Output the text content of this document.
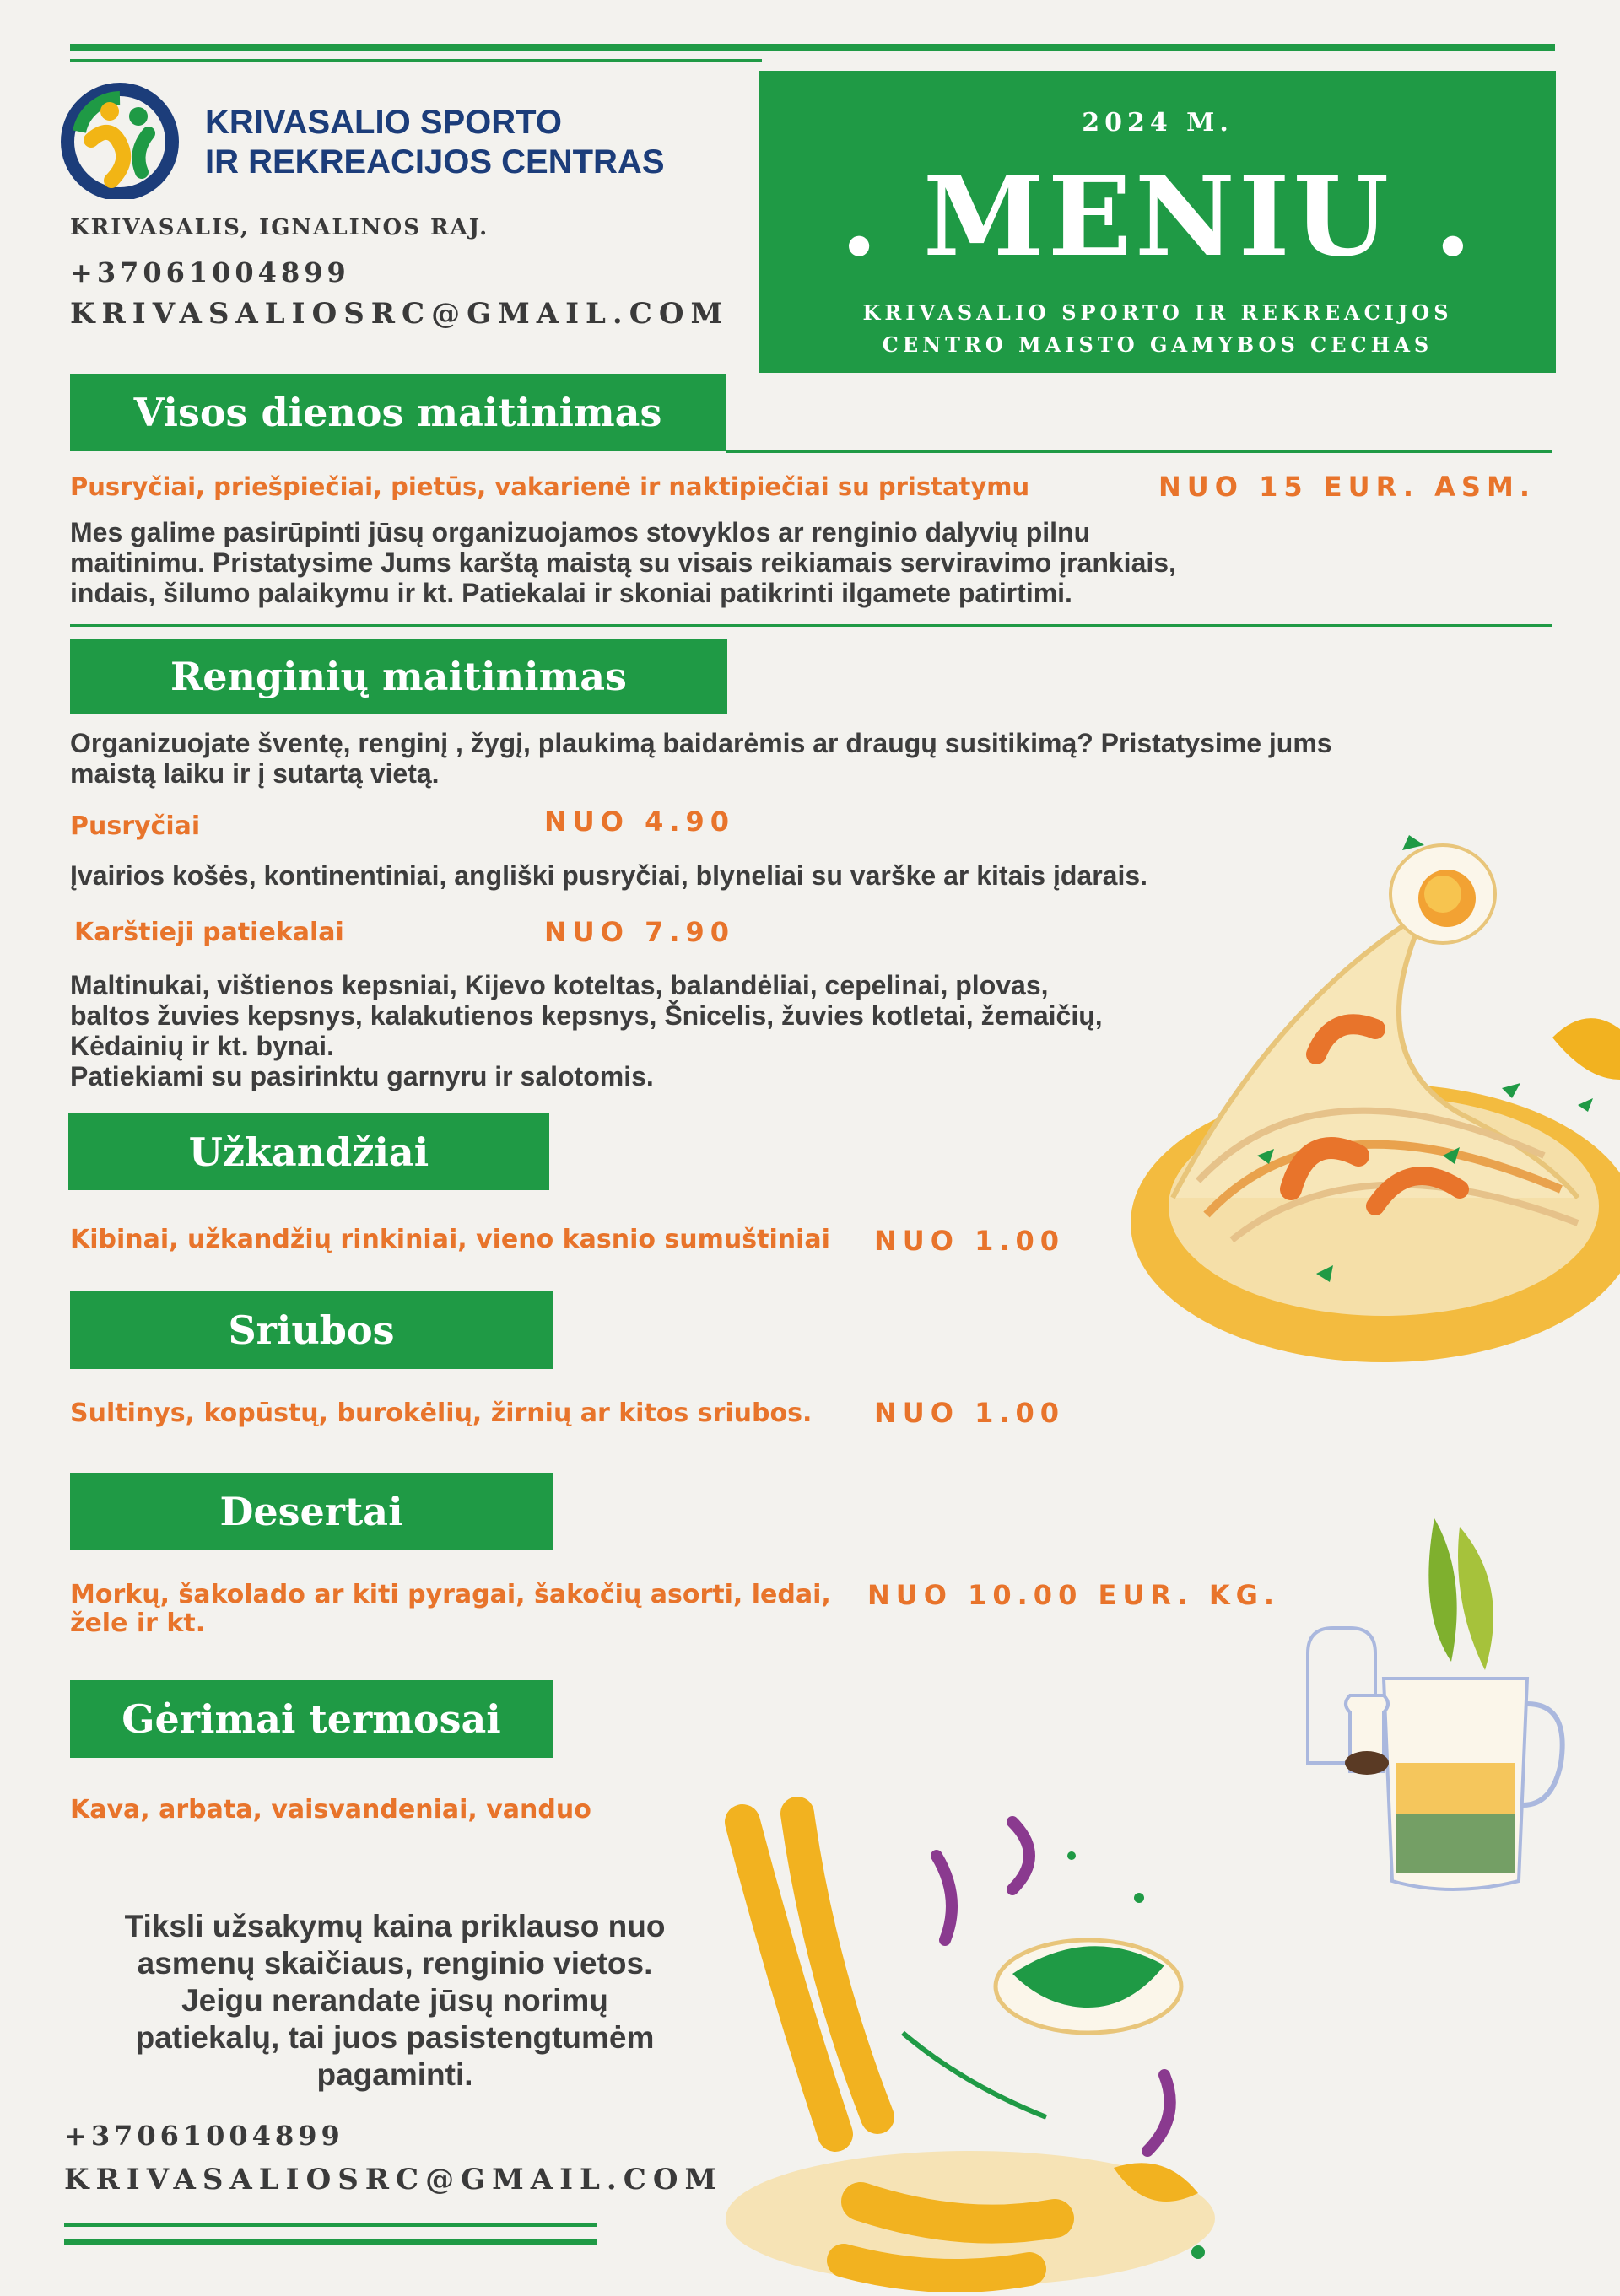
KRIVASALIO SPORTO
IR REKREACIJOS CENTRAS
KRIVASALIS, IGNALINOS RAJ.
+37061004899
KRIVASALIOSRC@GMAIL.COM
2024 M.
. MENIU .
KRIVASALIO SPORTO IR REKREACIJOS
CENTRO MAISTO GAMYBOS CECHAS
Visos dienos maitinimas
Pusryčiai, priešpiečiai, pietūs, vakarienė ir naktipiečiai su pristatymu	NUO 15 EUR. ASM.
Mes galime pasirūpinti jūsų organizuojamos stovyklos ar renginio dalyvių pilnu
maitinimu. Pristatysime Jums karštą maistą su visais reikiamais serviravimo įrankiais,
indais, šilumo palaikymu ir kt. Patiekalai ir skoniai patikrinti ilgamete patirtimi.
Renginių maitinimas
Organizuojate šventę, renginį , žygį, plaukimą baidarėmis ar draugų susitikimą? Pristatysime jums
maistą laiku ir į sutartą vietą.
Pusryčiai	NUO 4.90
Įvairios košės, kontinentiniai, angliški pusryčiai, blyneliai su varške ar kitais įdarais.
Karštieji patiekalai	NUO 7.90
Maltinukai, vištienos kepsniai, Kijevo koteltas, balandėliai, cepelinai, plovas,
baltos žuvies kepsnys, kalakutienos kepsnys, Šnicelis, žuvies kotletai, žemaičių,
Kėdainių ir kt. bynai.
Patiekiami su pasirinktu garnyru ir salotomis.
Užkandžiai
Kibinai, užkandžių rinkiniai, vieno kasnio sumuštiniai NUO 1.00
Sriubos
Sultinys, kopūstų, burokėlių, žirnių ar kitos sriubos. NUO 1.00
Desertai
Morkų, šakolado ar kiti pyragai, šakočių asorti, ledai,
žele ir kt.
NUO 10.00 EUR. KG.
Gėrimai termosai
Kava, arbata, vaisvandeniai, vanduo
Tiksli užsakymų kaina priklauso nuo
asmenų skaičiaus, renginio vietos.
Jeigu nerandate jūsų norimų
patiekalų, tai juos pasistengtumėm
pagaminti.
+37061004899
KRIVASALIOSRC@GMAIL.COM
